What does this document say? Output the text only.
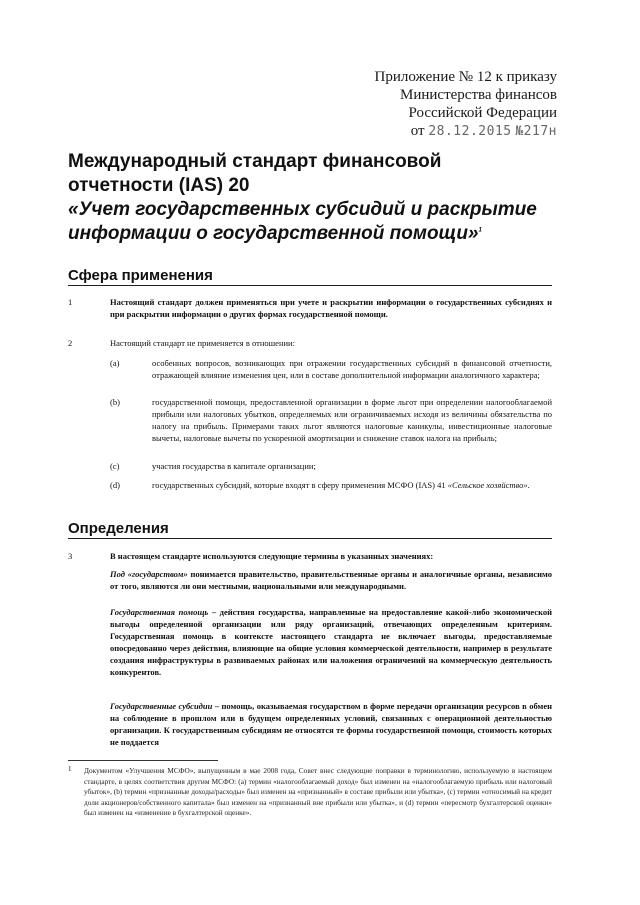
Приложение № 12 к приказу
Министерства финансов
Российской Федерации
от 28.12.2015 №217н
Международный стандарт финансовой
отчетности (IAS) 20
«Учет государственных субсидий и раскрытие
информации о государственной помощи»$^1$
Сфера применения
1	Настоящий стандарт должен применяться при учете и раскрытии информации о государственных субсидиях и при раскрытии информации о других формах государственной помощи.
2	Настоящий стандарт не применяется в отношении:
(a)	особенных вопросов, возникающих при отражении государственных субсидий в финансовой отчетности, отражающей влияние изменения цен, или в составе дополнительной информации аналогичного характера;
(b)	государственной помощи, предоставленной организации в форме льгот при определении налогооблагаемой прибыли или налоговых убытков, определяемых или ограничиваемых исходя из величины обязательства по налогу на прибыль. Примерами таких льгот являются налоговые каникулы, инвестиционные налоговые вычеты, налоговые вычеты по ускоренной амортизации и снижение ставок налога на прибыль;
(c)	участия государства в капитале организации;
(d)	государственных субсидий, которые входят в сферу применения МСФО (IAS) 41 «Сельское хозяйство».
Определения
3	В настоящем стандарте используются следующие термины в указанных значениях:
Под «государством» понимается правительство, правительственные органы и аналогичные органы, независимо от того, являются ли они местными, национальными или международными.
Государственная помощь – действия государства, направленные на предоставление какой-либо экономической выгоды определенной организации или ряду организаций, отвечающих определенным критериям. Государственная помощь в контексте настоящего стандарта не включает выгоды, предоставляемые опосредованно через действия, влияющие на общие условия коммерческой деятельности, например в результате создания инфраструктуры в развиваемых районах или наложения ограничений на коммерческую деятельность конкурентов.
Государственные субсидии – помощь, оказываемая государством в форме передачи организации ресурсов в обмен на соблюдение в прошлом или в будущем определенных условий, связанных с операционной деятельностью организации. К государственным субсидиям не относятся те формы государственной помощи, стоимость которых не поддается
1 Документом «Улучшения МСФО», выпущенным в мае 2008 года, Совет внес следующие поправки в терминологию, используемую в настоящем стандарте, в целях соответствия другим МСФО: (a) термин «налогооблагаемый доход» был изменен на «налогооблагаемую прибыль или налоговый убыток», (b) термин «признанные доходы/расходы» был изменен на «признанный» в составе прибыли или убытка», (c) термин «относимый на кредит доли акционеров/собственного капитала» был изменен на «признанный вне прибыли или убытка», и (d) термин «пересмотр бухгалтерской оценки» был изменен на «изменение в бухгалтерской оценке».
